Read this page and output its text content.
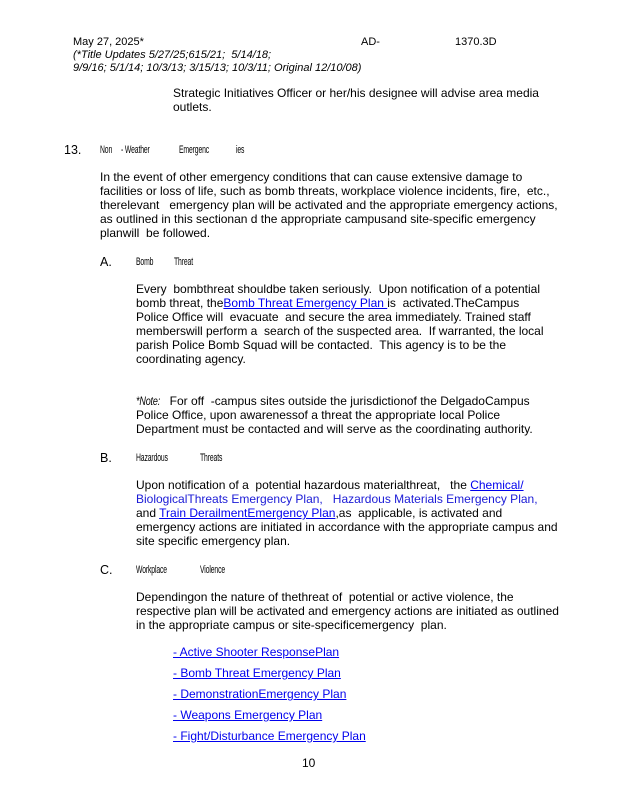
May 27, 2025*	AD-	1370.3D
(*Title Updates 5/27/25;615/21;  5/14/18;
9/9/16; 5/1/14; 10/3/13; 3/15/13; 10/3/11; Original 12/10/08)
Strategic Initiatives Officer or her/his designee will advise area media
outlets.
13. Non - Weather	Emergenc ies
In the event of other emergency conditions that can cause extensive damage to
facilities or loss of life, such as bomb threats, workplace violence incidents, fire,  etc.,
therelevant   emergency plan will be activated and the appropriate emergency actions,
as outlined in this sectionan d the appropriate campusand site-specific emergency
planwill  be followed.
A. Bomb Threat
Every  bombthreat shouldbe taken seriously.  Upon notification of a potential
bomb threat, theBomb Threat Emergency Plan is  activated.TheCampus
Police Office will  evacuate  and secure the area immediately. Trained staff
memberswill perform a  search of the suspected area.  If warranted, the local
parish Police Bomb Squad will be contacted.  This agency is to be the
coordinating agency.
*Note:  For off  -campus sites outside the jurisdictionof the DelgadoCampus
Police Office, upon awarenessof a threat the appropriate local Police
Department must be contacted and will serve as the coordinating authority.
B. Hazardous	Threats
Upon notification of a  potential hazardous materialthreat,   the Chemical/
BiologicalThreats Emergency Plan, Hazardous Materials Emergency Plan,
and Train DerailmentEmergency Plan,as  applicable, is activated and
emergency actions are initiated in accordance with the appropriate campus and
site specific emergency plan.
C. Workplace	Violence
Dependingon the nature of thethreat of  potential or active violence, the
respective plan will be activated and emergency actions are initiated as outlined
in the appropriate campus or site-specificemergency  plan.
- Active Shooter ResponsePlan
- Bomb Threat Emergency Plan
- DemonstrationEmergency Plan
- Weapons Emergency Plan
- Fight/Disturbance Emergency Plan
10
